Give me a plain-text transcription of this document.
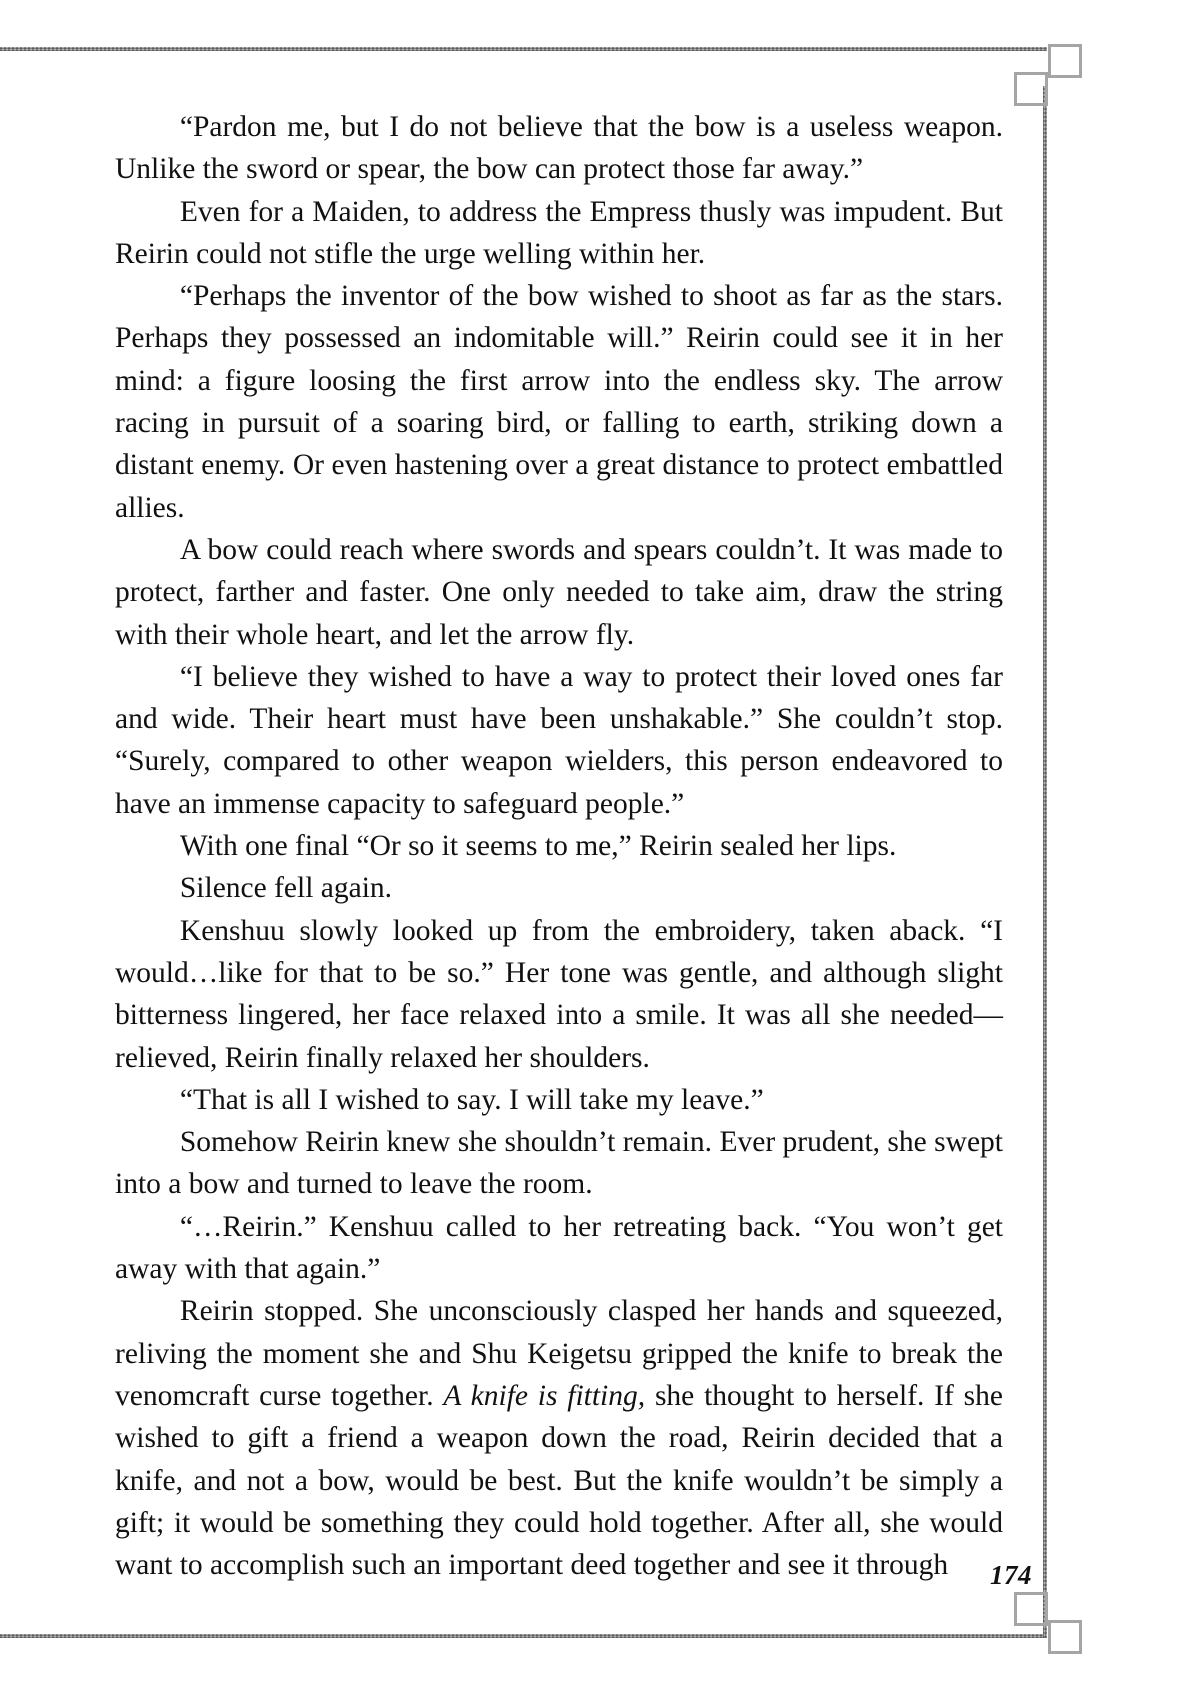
“Pardon me, but I do not believe that the bow is a useless weapon. Unlike the sword or spear, the bow can protect those far away.”

Even for a Maiden, to address the Empress thusly was impudent. But Reirin could not stifle the urge welling within her.

“Perhaps the inventor of the bow wished to shoot as far as the stars. Perhaps they possessed an indomitable will.” Reirin could see it in her mind: a figure loosing the first arrow into the endless sky. The arrow racing in pursuit of a soaring bird, or falling to earth, striking down a distant enemy. Or even hastening over a great distance to protect embattled allies.

A bow could reach where swords and spears couldn’t. It was made to protect, farther and faster. One only needed to take aim, draw the string with their whole heart, and let the arrow fly.

“I believe they wished to have a way to protect their loved ones far and wide. Their heart must have been unshakable.” She couldn’t stop. “Surely, compared to other weapon wielders, this person endeavored to have an immense capacity to safeguard people.”

With one final “Or so it seems to me,” Reirin sealed her lips.

Silence fell again.

Kenshuu slowly looked up from the embroidery, taken aback. “I would…like for that to be so.” Her tone was gentle, and although slight bitterness lingered, her face relaxed into a smile. It was all she needed—relieved, Reirin finally relaxed her shoulders.

“That is all I wished to say. I will take my leave.”

Somehow Reirin knew she shouldn’t remain. Ever prudent, she swept into a bow and turned to leave the room.

“…Reirin.” Kenshuu called to her retreating back. “You won’t get away with that again.”

Reirin stopped. She unconsciously clasped her hands and squeezed, reliving the moment she and Shu Keigetsu gripped the knife to break the venomcraft curse together. A knife is fitting, she thought to herself. If she wished to gift a friend a weapon down the road, Reirin decided that a knife, and not a bow, would be best. But the knife wouldn’t be simply a gift; it would be something they could hold together. After all, she would want to accomplish such an important deed together and see it through	174
